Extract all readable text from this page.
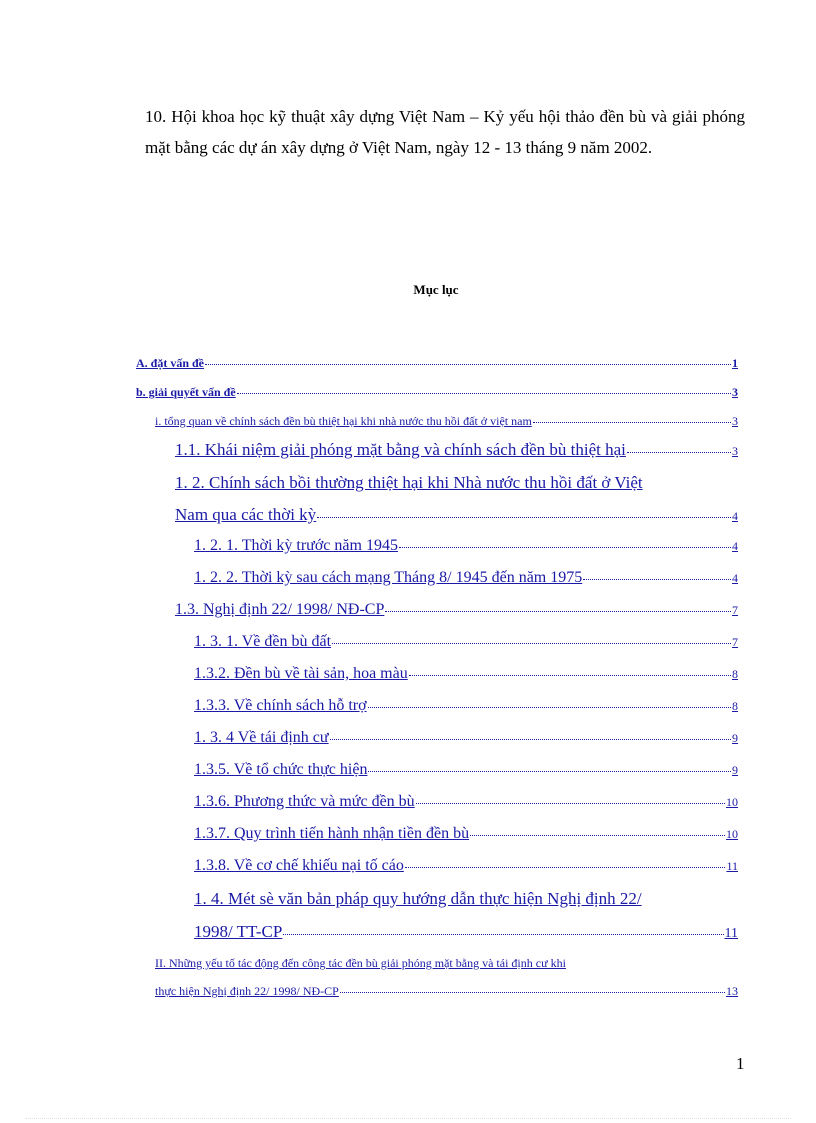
10. Hội khoa học kỹ thuật xây dựng Việt Nam – Kỷ yếu hội thảo đền bù và giải phóng mặt bằng các dự án xây dựng ở Việt Nam, ngày 12 - 13 tháng 9 năm 2002.
Mục lục
A. đặt vấn đề	1
b. giải quyết vấn đề	3
i. tổng quan về chính sách đền bù thiệt hại khi nhà nước thu hồi đất ở việt nam	3
1.1. Khái niệm giải phóng mặt bằng và chính sách đền bù thiệt hại	3
1. 2. Chính sách bồi thường thiệt hại khi Nhà nước thu hồi đất ở Việt
Nam qua các thời kỳ	4
1. 2. 1. Thời kỳ trước năm 1945	4
1. 2. 2. Thời kỳ sau cách mạng Tháng 8/ 1945 đến năm 1975	4
1.3. Nghị định 22/ 1998/ NĐ-CP	7
1. 3. 1. Về đền bù đất	7
1.3.2. Đền bù về tài sản, hoa màu	8
1.3.3. Về chính sách hỗ trợ	8
1. 3. 4 Về tái định cư	9
1.3.5. Về tổ chức thực hiện	9
1.3.6. Phương thức và mức đền bù	10
1.3.7. Quy trình tiến hành nhận tiền đền bù	10
1.3.8. Về cơ chế khiếu nại tố cáo	11
1. 4. Mét sè văn bản pháp quy hướng dẫn thực hiện Nghị định 22/
1998/ TT-CP	11
II. Những yếu tố tác động đến công tác đền bù giải phóng mặt bằng và tái định cư khi
thực hiện Nghị định 22/ 1998/ NĐ-CP	13
1
